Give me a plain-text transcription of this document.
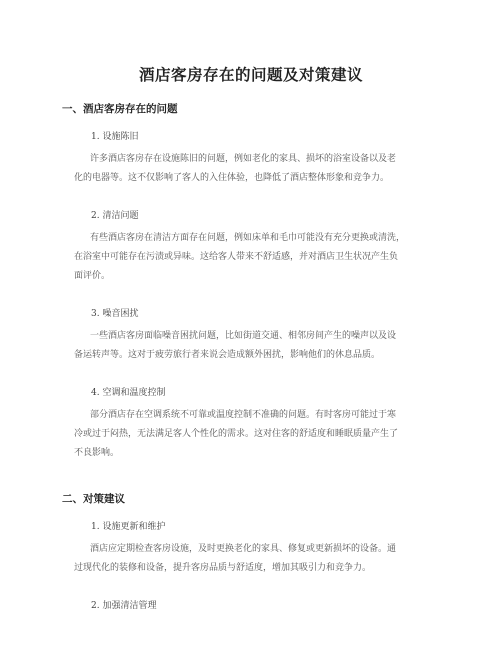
酒店客房存在的问题及对策建议
一、酒店客房存在的问题
1. 设施陈旧
许多酒店客房存在设施陈旧的问题，例如老化的家具、损坏的浴室设备以及老
化的电器等。这不仅影响了客人的入住体验，也降低了酒店整体形象和竞争力。
2. 清洁问题
有些酒店客房在清洁方面存在问题，例如床单和毛巾可能没有充分更换或清洗，
在浴室中可能存在污渍或异味。这给客人带来不舒适感，并对酒店卫生状况产生负
面评价。
3. 噪音困扰
一些酒店客房面临噪音困扰问题，比如街道交通、相邻房间产生的噪声以及设
备运转声等。这对于疲劳旅行者来说会造成额外困扰，影响他们的休息品质。
4. 空调和温度控制
部分酒店存在空调系统不可靠或温度控制不准确的问题。有时客房可能过于寒
冷或过于闷热，无法满足客人个性化的需求。这对住客的舒适度和睡眠质量产生了
不良影响。
二、对策建议
1. 设施更新和维护
酒店应定期检查客房设施，及时更换老化的家具、修复或更新损坏的设备。通
过现代化的装修和设备，提升客房品质与舒适度，增加其吸引力和竞争力。
2. 加强清洁管理
